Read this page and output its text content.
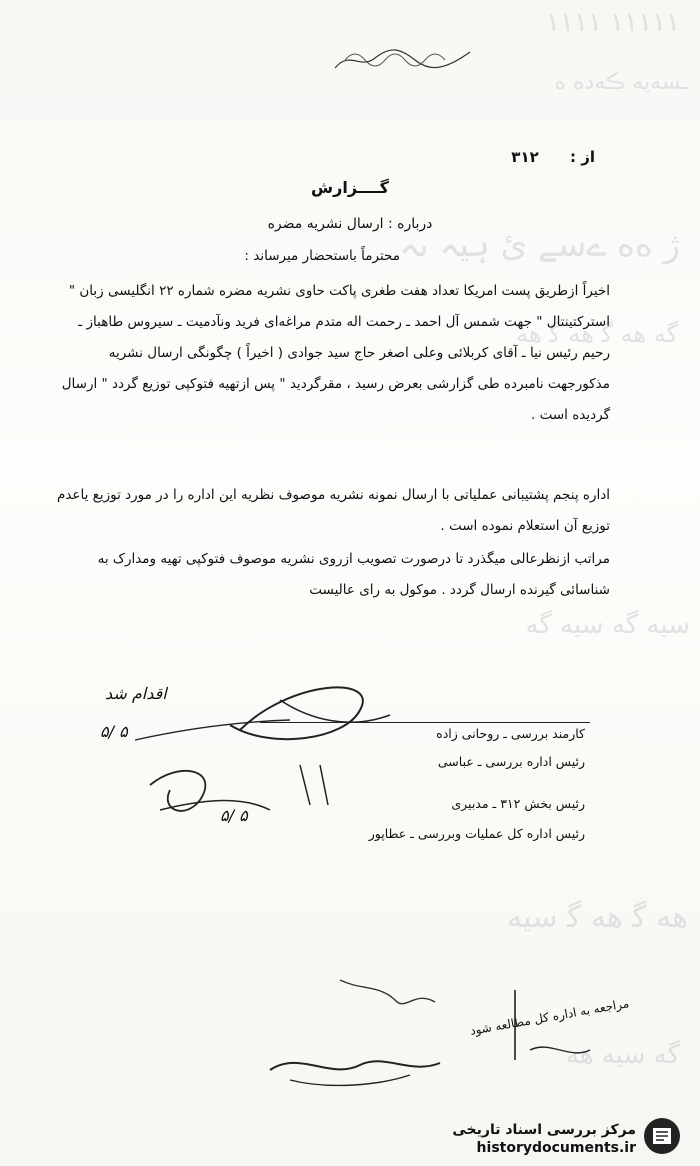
۱۱۱۱۱ ۱۱۱۱
ـسه‌یه ڪه‌ده‌ ه‌
ژ ه‌ه‌ ےسے ئ ہیہ ىہ
ﮔﻪ ﻫﻪ ﮔ ﻫﻪ ﮔ ﻫﻪ
ﺳﯿﻪ ﮔﻪ ﺳﯿﻪ ﮔﻪ
ﻫﻪ ﮔ ﻫﻪ ﮔ ﺳﯿﻪ
ﮔﻪ ﺳﯿﻪ ﻫﻪ
از : ۳۱۲
گــــزارش
درباره : ارسال نشریه مضره
محترماً باستحضار میرساند :
اخیراً ازطریق پست امریکا تعداد هفت طغری پاکت حاوی نشریه مضره شماره ۲۲ انگلیسی زبان " استرکتینتال " جهت شمس آل احمد ـ رحمت اله متدم مراغه‌ای فرید ونآدمیت ـ سیروس طاهباز ـ رحیم رئیس نیا ـ آقای کربلائی وعلی اصغر حاج سید جوادی ( اخیراً ) چگونگی ارسال نشریه مذکورجهت نامبرده طی گزارشی بعرض رسید ، مقرگردید " پس ازتهیه فتوکپی توزیع گردد " ارسال گردیده است .
اداره پنجم پشتیبانی عملیاتی با ارسال نمونه نشریه موصوف نظریه این اداره را در مورد توزیع یاعدم توزیع آن استعلام نموده است .
مراتب ازنظرعالی میگذرد تا درصورت تصویب ازروی نشریه موصوف فتوکپی تهیه ومدارک به شناسائی گیرنده ارسال گردد . موکول به رای عالیست
اقدام شد
۵/ ۵
۵/ ۵
کارمند بررسی ـ روحانی زاده
رئیس اداره بررسی ـ عباسی
رئیس بخش ۳۱۲ ـ مدبیری
رئیس اداره کل عملیات وبررسی ـ عطاپور
مراجعه به اداره کل مطالعه شود
مرکز بررسی اسناد تاریخی
historydocuments.ir
